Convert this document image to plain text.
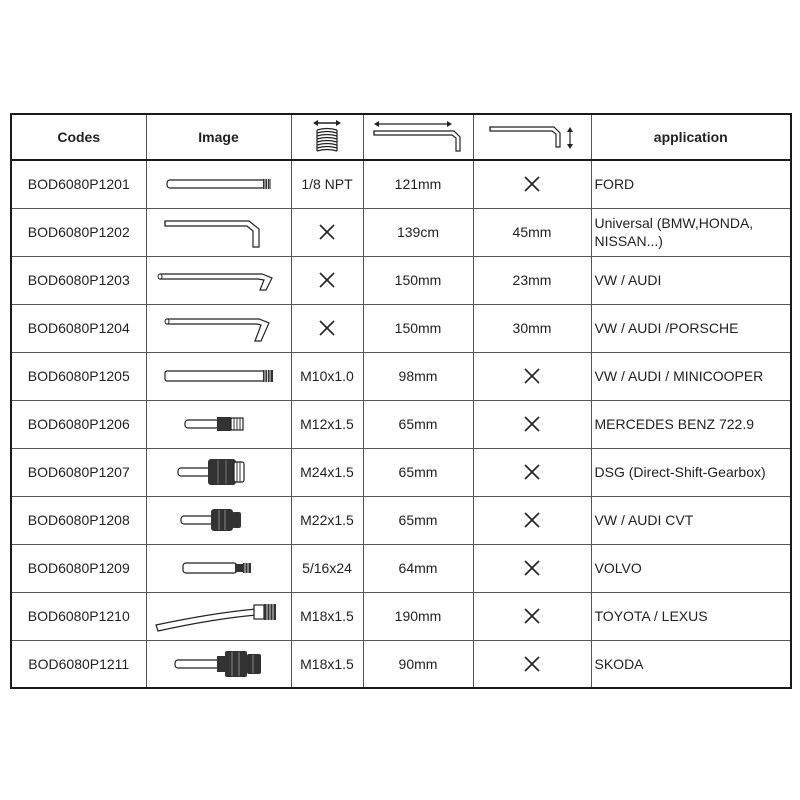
Codes	Image				application
BOD6080P1201		1/8 NPT	121mm		FORD
BOD6080P1202			139cm	45mm	Universal (BMW,HONDA, NISSAN...)
BOD6080P1203			150mm	23mm	VW / AUDI
BOD6080P1204			150mm	30mm	VW / AUDI /PORSCHE
BOD6080P1205		M10x1.0	98mm		VW / AUDI / MINICOOPER
BOD6080P1206		M12x1.5	65mm		MERCEDES BENZ 722.9
BOD6080P1207		M24x1.5	65mm		DSG (Direct-Shift-Gearbox)
BOD6080P1208		M22x1.5	65mm		VW / AUDI CVT
BOD6080P1209		5/16x24	64mm		VOLVO
BOD6080P1210		M18x1.5	190mm		TOYOTA / LEXUS
BOD6080P1211		M18x1.5	90mm		SKODA
